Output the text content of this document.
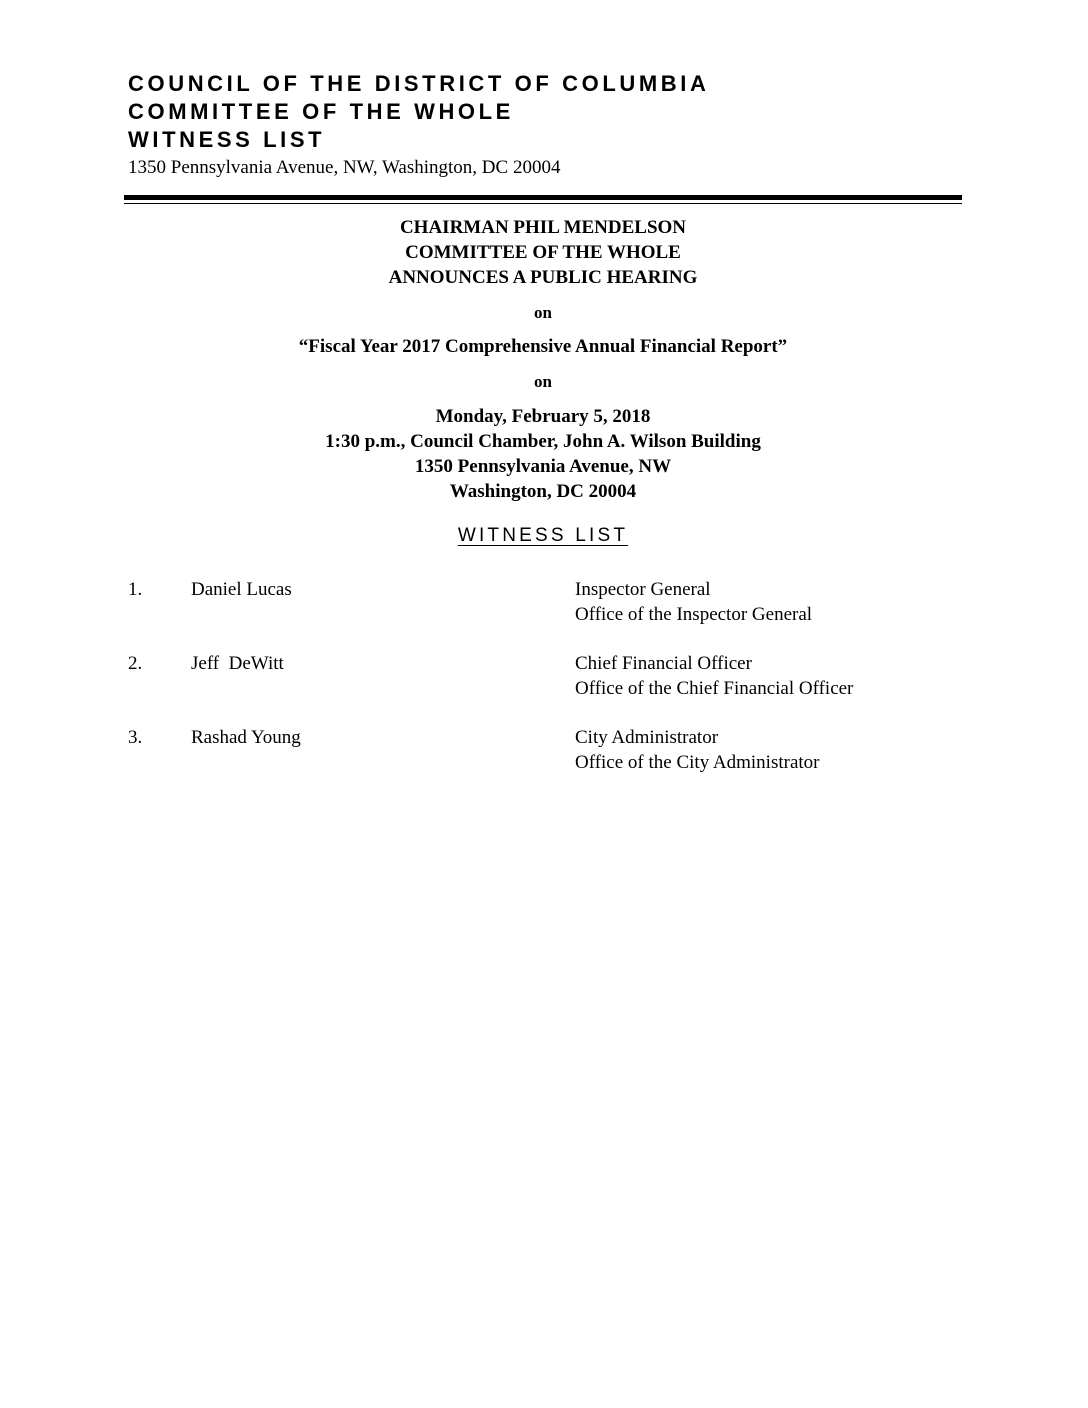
COUNCIL OF THE DISTRICT OF COLUMBIA
COMMITTEE OF THE WHOLE
WITNESS LIST
1350 Pennsylvania Avenue, NW, Washington, DC 20004
CHAIRMAN PHIL MENDELSON
COMMITTEE OF THE WHOLE
ANNOUNCES A PUBLIC HEARING
on
“Fiscal Year 2017 Comprehensive Annual Financial Report”
on
Monday, February 5, 2018
1:30 p.m., Council Chamber, John A. Wilson Building
1350 Pennsylvania Avenue, NW
Washington, DC 20004
WITNESS LIST
1.	Daniel Lucas	Inspector General
Office of the Inspector General
2.	Jeff  DeWitt	Chief Financial Officer
Office of the Chief Financial Officer
3.	Rashad Young	City Administrator
Office of the City Administrator
